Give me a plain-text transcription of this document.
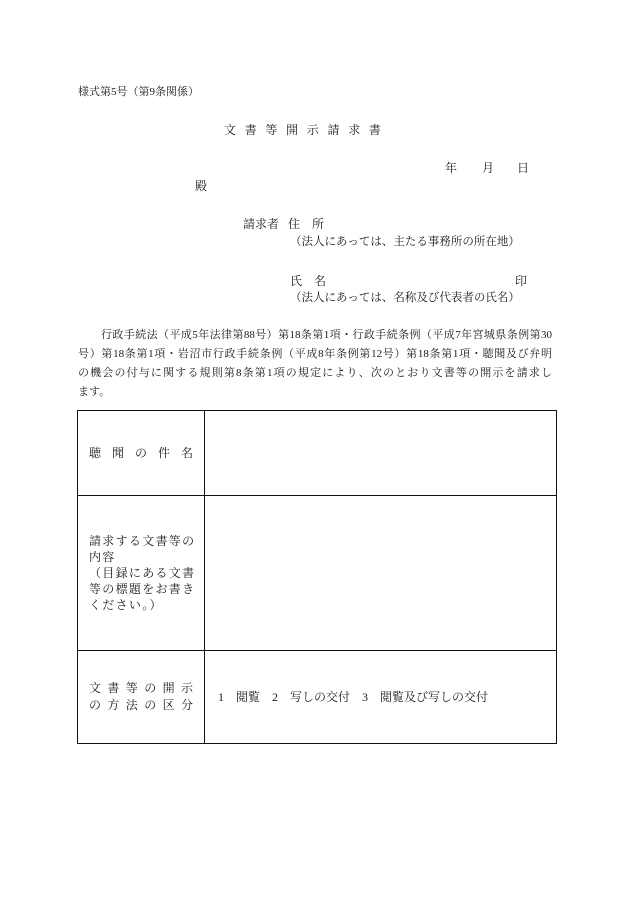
様式第5号（第9条関係）
文書等開示請求書
年 月 日
殿
請求者 住　所
（法人にあっては、主たる事務所の所在地）
氏　名	印
（法人にあっては、名称及び代表者の氏名）
行政手続法（平成5年法律第88号）第18条第1項・行政手続条例（平成7年宮城県条例第30
号）第18条第1項・岩沼市行政手続条例（平成8年条例第12号）第18条第1項・聴聞及び弁明
の機会の付与に関する規則第8条第1項の規定により、次のとおり文書等の開示を請求し
ます。
聴聞の件名
請求する文書等の
内容
（目録にある文書
等の標題をお書き
ください。）
文書等の開示
の方法の区分
1　閲覧　2　写しの交付　3　閲覧及び写しの交付
